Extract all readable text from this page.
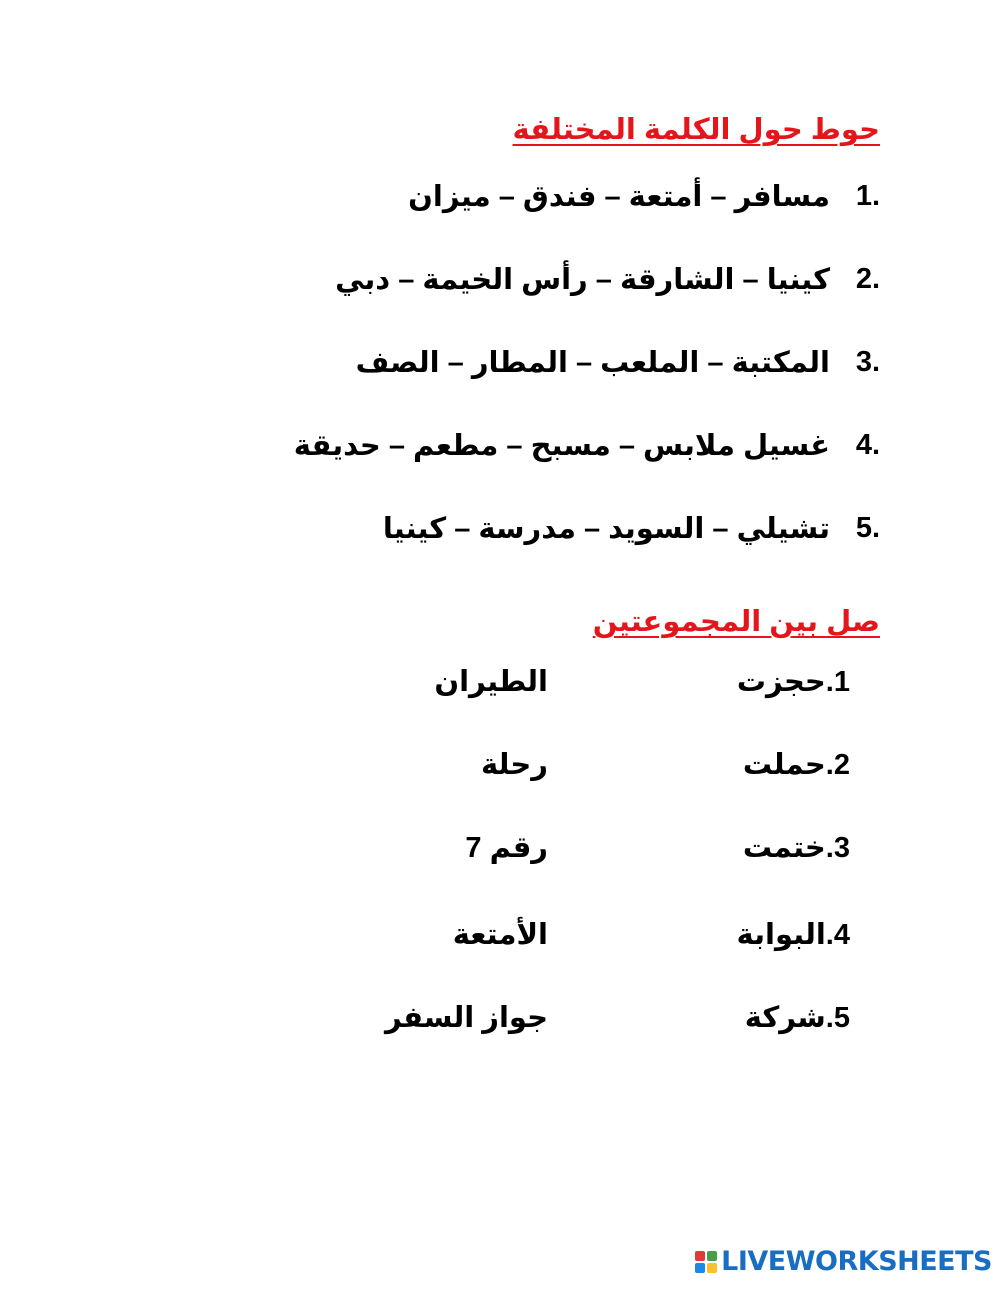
حوط حول الكلمة المختلفة
1.
مسافر – أمتعة – فندق – ميزان
2.
كينيا – الشارقة – رأس الخيمة – دبي
3.
المكتبة – الملعب – المطار – الصف
4.
غسيل ملابس – مسبح – مطعم – حديقة
5.
تشيلي – السويد – مدرسة – كينيا
صل بين المجموعتين
1.حجزت
الطيران
2.حملت
رحلة
3.ختمت
رقم 7
4.البوابة
الأمتعة
5.شركة
جواز السفر
LIVEWORKSHEETS
